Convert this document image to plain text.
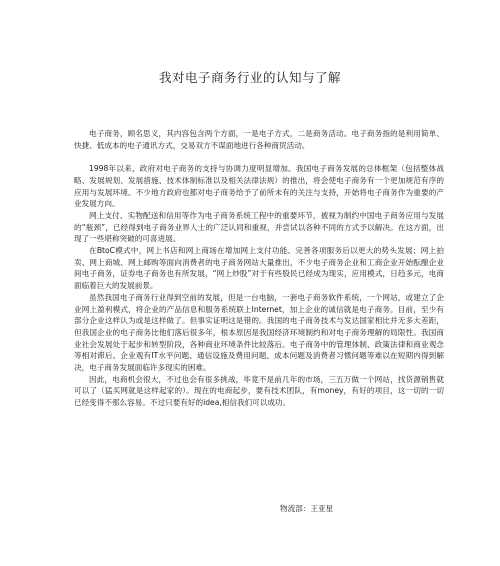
我对电子商务行业的认知与了解

电子商务，顾名思义，其内容包含两个方面，一是电子方式，二是商务活动。电子商务指的是利用简单、快捷、低成本的电子通讯方式，交易双方不谋面地进行各种商贸活动。

1998年以来，政府对电子商务的支持与协调力度明显增加。我国电子商务发展的总体框架（包括整体战略、发展规划、发展措施、技术体制标准以及相关法律法规）的推出，将会使电子商务有一个更加规范有序的应用与发展环境。不少地方政府也都对电子商务给予了前所未有的关注与支持，开始将电子商务作为重要的产业发展方向。

网上支付、实物配送和信用等作为电子商务系统工程中的重要环节，被视为制约中国电子商务应用与发展的“瓶颈”，已经得到电子商务业界人士的广泛认同和重视，并尝试以各种不同的方式予以解决。在这方面，出现了一些堪称突破的可喜进展。

在BtoC模式中，网上书店和网上商场在增加网上支付功能、完善各项服务后以更大的势头发展；网上拍卖、网上商城、网上邮购等面向消费者的电子商务网站大量推出，不少电子商务企业和工商企业开始酝酿企业间电子商务，证券电子商务也有所发展，“网上炒股”对于有些股民已经成为现实，应用模式，日趋多元，电商面临着巨大的发展前景。

虽然我国电子商务行业得到空前的发展，但是一台电脑，一套电子商务软件系统，一个网站，或建立了企业网上盈利模式，将企业的产品信息和服务系统联上Internet，加上企业的诚信就是电子商务。目前，至少有部分企业这样认为或是这样做了。但事实证明这是错的。我国的电子商务技术与发达国家相比并无多大差距，但我国企业的电子商务比他们落后很多年，根本原因是我国经济环境制约和对电子商务理解的局限性。我国商业社会发展处于起步和转型阶段，各种商业环境条件比较落后。电子商务中的管理体制、政策法律和商业观念等相对滞后。企业观有IT水平问题、通信设施及费用问题、成本问题及消费者习惯问题等难以在短期内得到解决，电子商务发展面临许多现实的困难。

因此，电商机会很大，不过也会有很多挑战，毕竟不是前几年的市场，三五万做一个网站，找货源销售就可以了（猛买网就是这样起家的）。现在的电商起步，要有技术团队，有money，有好的项目，这一切的一切已经变得不那么容易。不过只要有好的idea,相信我们可以成功。

物流部：王亚星
